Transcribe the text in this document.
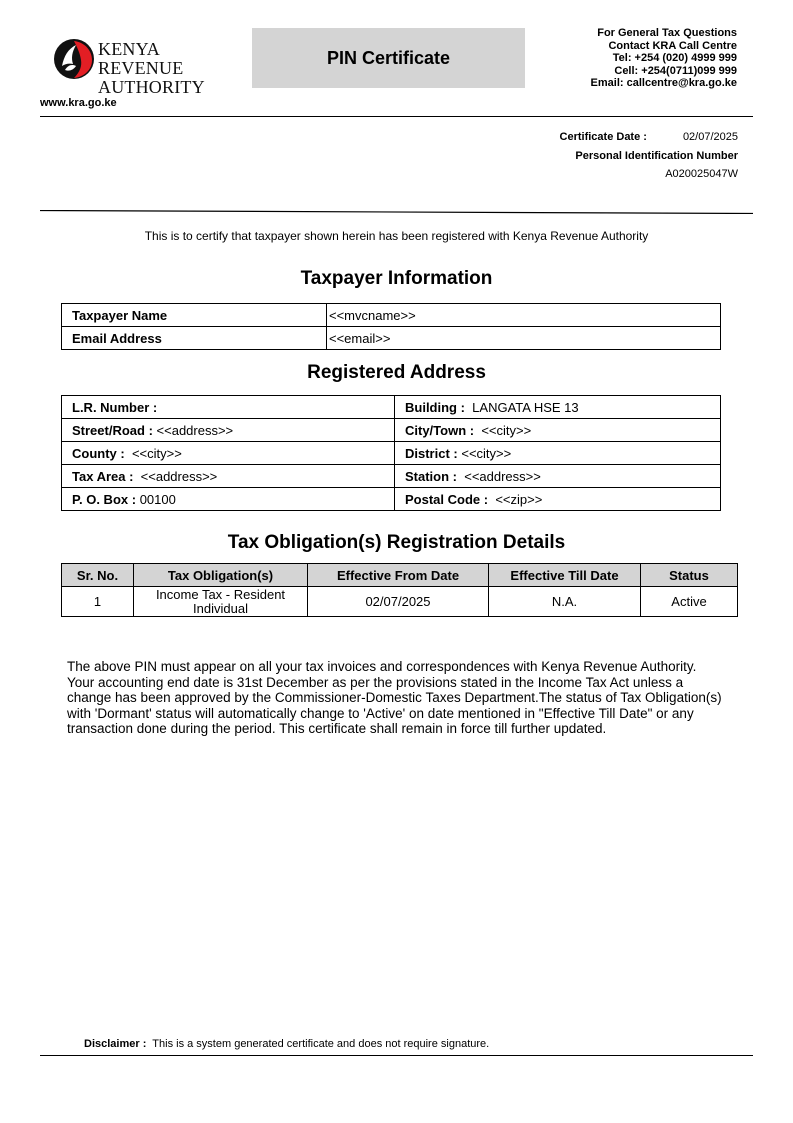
KENYA REVENUE
AUTHORITY
www.kra.go.ke
PIN Certificate
For General Tax Questions
Contact KRA Call Centre
Tel: +254 (020) 4999 999
Cell: +254(0711)099 999
Email: callcentre@kra.go.ke
Certificate Date :	02/07/2025
Personal Identification Number
A020025047W
This is to certify that taxpayer shown herein has been registered with Kenya Revenue Authority
Taxpayer Information
Taxpayer Name	<<mvcname>>
Email Address	<<email>>
Registered Address
L.R. Number :	Building : LANGATA HSE 13
Street/Road : <<address>>	City/Town : <<city>>
County : <<city>>	District : <<city>>
Tax Area : <<address>>	Station : <<address>>
P. O. Box : 00100	Postal Code : <<zip>>
Tax Obligation(s) Registration Details
Sr. No.	Tax Obligation(s)	Effective From Date	Effective Till Date	Status
1	Income Tax - Resident Individual	02/07/2025	N.A.	Active
The above PIN must appear on all your tax invoices and correspondences with Kenya Revenue Authority. Your accounting end date is 31st December as per the provisions stated in the Income Tax Act unless a change has been approved by the Commissioner-Domestic Taxes Department.The status of Tax Obligation(s) with 'Dormant' status will automatically change to 'Active' on date mentioned in "Effective Till Date" or any transaction done during the period. This certificate shall remain in force till further updated.
Disclaimer : This is a system generated certificate and does not require signature.
